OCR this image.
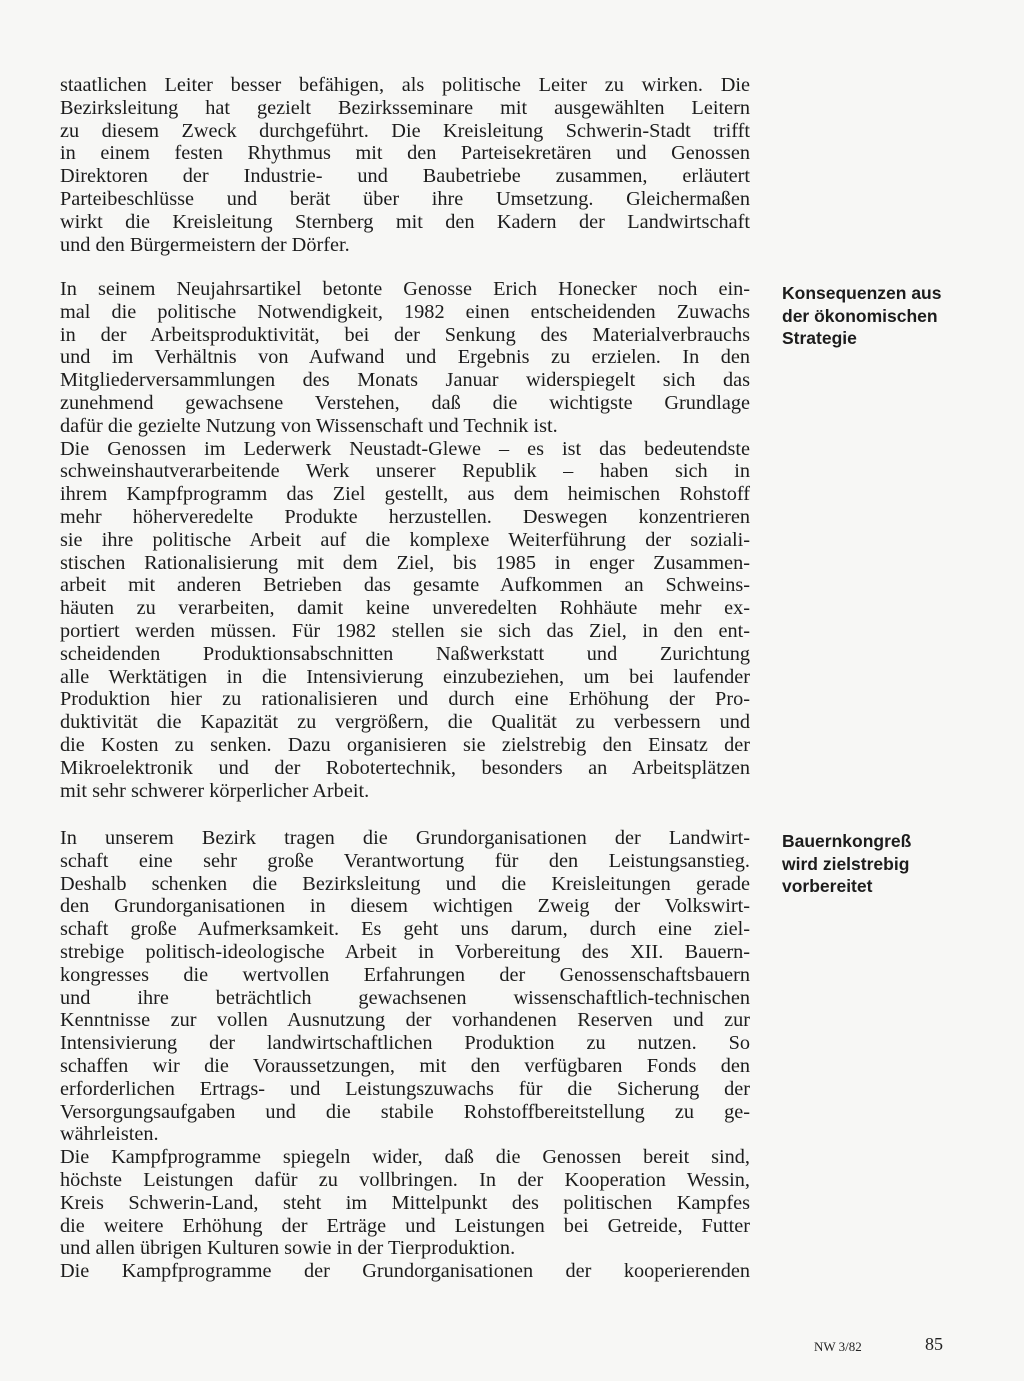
staatlichen Leiter besser befähigen, als politische Leiter zu wirken. Die
Bezirksleitung hat gezielt Bezirksseminare mit ausgewählten Leitern
zu diesem Zweck durchgeführt. Die Kreisleitung Schwerin-Stadt trifft
in einem festen Rhythmus mit den Parteisekretären und Genossen
Direktoren der Industrie- und Baubetriebe zusammen, erläutert
Parteibeschlüsse und berät über ihre Umsetzung. Gleichermaßen
wirkt die Kreisleitung Sternberg mit den Kadern der Landwirtschaft
und den Bürgermeistern der Dörfer.
In seinem Neujahrsartikel betonte Genosse Erich Honecker noch ein-
mal die politische Notwendigkeit, 1982 einen entscheidenden Zuwachs
in der Arbeitsproduktivität, bei der Senkung des Materialverbrauchs
und im Verhältnis von Aufwand und Ergebnis zu erzielen. In den
Mitgliederversammlungen des Monats Januar widerspiegelt sich das
zunehmend gewachsene Verstehen, daß die wichtigste Grundlage
dafür die gezielte Nutzung von Wissenschaft und Technik ist.
Die Genossen im Lederwerk Neustadt-Glewe – es ist das bedeutendste
schweinshautverarbeitende Werk unserer Republik – haben sich in
ihrem Kampfprogramm das Ziel gestellt, aus dem heimischen Rohstoff
mehr höherveredelte Produkte herzustellen. Deswegen konzentrieren
sie ihre politische Arbeit auf die komplexe Weiterführung der soziali-
stischen Rationalisierung mit dem Ziel, bis 1985 in enger Zusammen-
arbeit mit anderen Betrieben das gesamte Aufkommen an Schweins-
häuten zu verarbeiten, damit keine unveredelten Rohhäute mehr ex-
portiert werden müssen. Für 1982 stellen sie sich das Ziel, in den ent-
scheidenden Produktionsabschnitten Naßwerkstatt und Zurichtung
alle Werktätigen in die Intensivierung einzubeziehen, um bei laufender
Produktion hier zu rationalisieren und durch eine Erhöhung der Pro-
duktivität die Kapazität zu vergrößern, die Qualität zu verbessern und
die Kosten zu senken. Dazu organisieren sie zielstrebig den Einsatz der
Mikroelektronik und der Robotertechnik, besonders an Arbeitsplätzen
mit sehr schwerer körperlicher Arbeit.
In unserem Bezirk tragen die Grundorganisationen der Landwirt-
schaft eine sehr große Verantwortung für den Leistungsanstieg.
Deshalb schenken die Bezirksleitung und die Kreisleitungen gerade
den Grundorganisationen in diesem wichtigen Zweig der Volkswirt-
schaft große Aufmerksamkeit. Es geht uns darum, durch eine ziel-
strebige politisch-ideologische Arbeit in Vorbereitung des XII. Bauern-
kongresses die wertvollen Erfahrungen der Genossenschaftsbauern
und ihre beträchtlich gewachsenen wissenschaftlich-technischen
Kenntnisse zur vollen Ausnutzung der vorhandenen Reserven und zur
Intensivierung der landwirtschaftlichen Produktion zu nutzen. So
schaffen wir die Voraussetzungen, mit den verfügbaren Fonds den
erforderlichen Ertrags- und Leistungszuwachs für die Sicherung der
Versorgungsaufgaben und die stabile Rohstoffbereitstellung zu ge-
währleisten.
Die Kampfprogramme spiegeln wider, daß die Genossen bereit sind,
höchste Leistungen dafür zu vollbringen. In der Kooperation Wessin,
Kreis Schwerin-Land, steht im Mittelpunkt des politischen Kampfes
die weitere Erhöhung der Erträge und Leistungen bei Getreide, Futter
und allen übrigen Kulturen sowie in der Tierproduktion.
Die Kampfprogramme der Grundorganisationen der kooperierenden
Konsequenzen aus
der ökonomischen
Strategie
Bauernkongreß
wird zielstrebig
vorbereitet
NW 3/82	85
